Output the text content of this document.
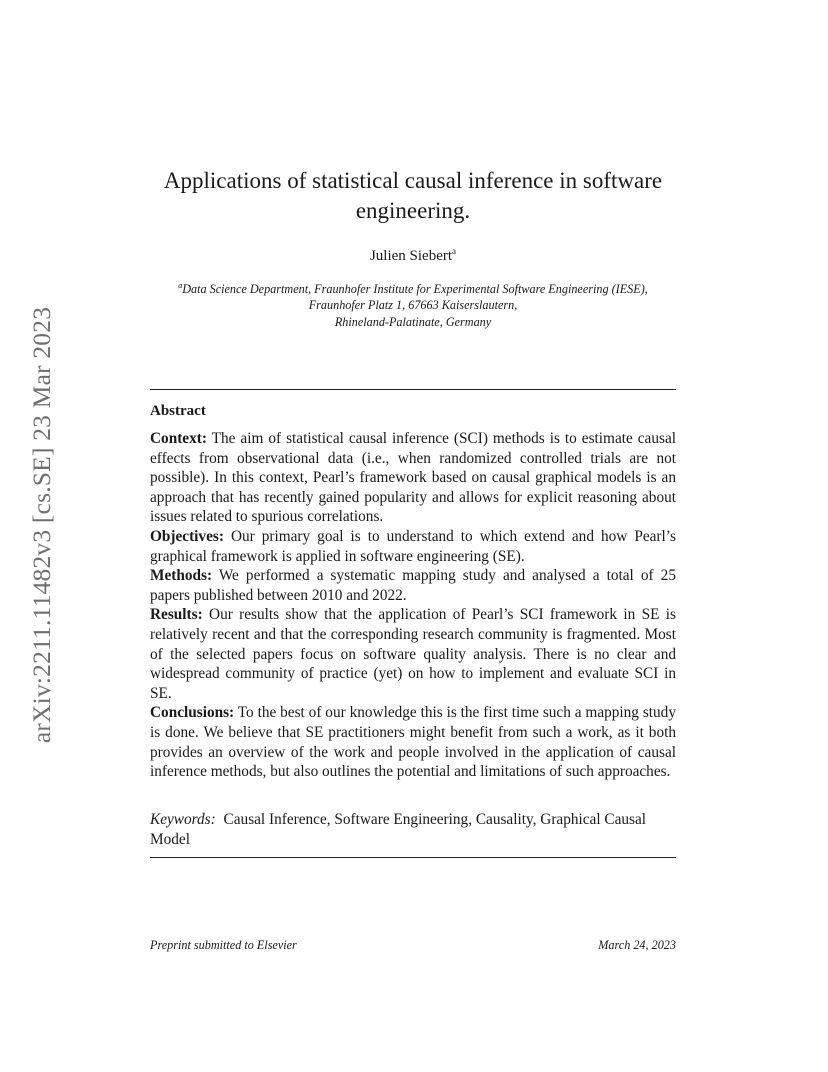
arXiv:2211.11482v3 [cs.SE] 23 Mar 2023
Applications of statistical causal inference in software engineering.
Julien Siebert$^a$
$^a$Data Science Department, Fraunhofer Institute for Experimental Software Engineering (IESE),
Fraunhofer Platz 1, 67663 Kaiserslautern,
Rhineland-Palatinate, Germany
Abstract

Context: The aim of statistical causal inference (SCI) methods is to estimate causal effects from observational data (i.e., when randomized controlled trials are not possible). In this context, Pearl’s framework based on causal graphical models is an approach that has recently gained popularity and allows for explicit reasoning about issues related to spurious correlations.

Objectives: Our primary goal is to understand to which extend and how Pearl’s graphical framework is applied in software engineering (SE).

Methods: We performed a systematic mapping study and analysed a total of 25 papers published between 2010 and 2022.

Results: Our results show that the application of Pearl’s SCI framework in SE is relatively recent and that the corresponding research community is fragmented. Most of the selected papers focus on software quality analysis. There is no clear and widespread community of practice (yet) on how to implement and evaluate SCI in SE.

Conclusions: To the best of our knowledge this is the first time such a mapping study is done. We believe that SE practitioners might benefit from such a work, as it both provides an overview of the work and people involved in the application of causal inference methods, but also outlines the potential and limitations of such approaches.

Keywords: Causal Inference, Software Engineering, Causality, Graphical Causal Model
Preprint submitted to Elsevier	March 24, 2023
